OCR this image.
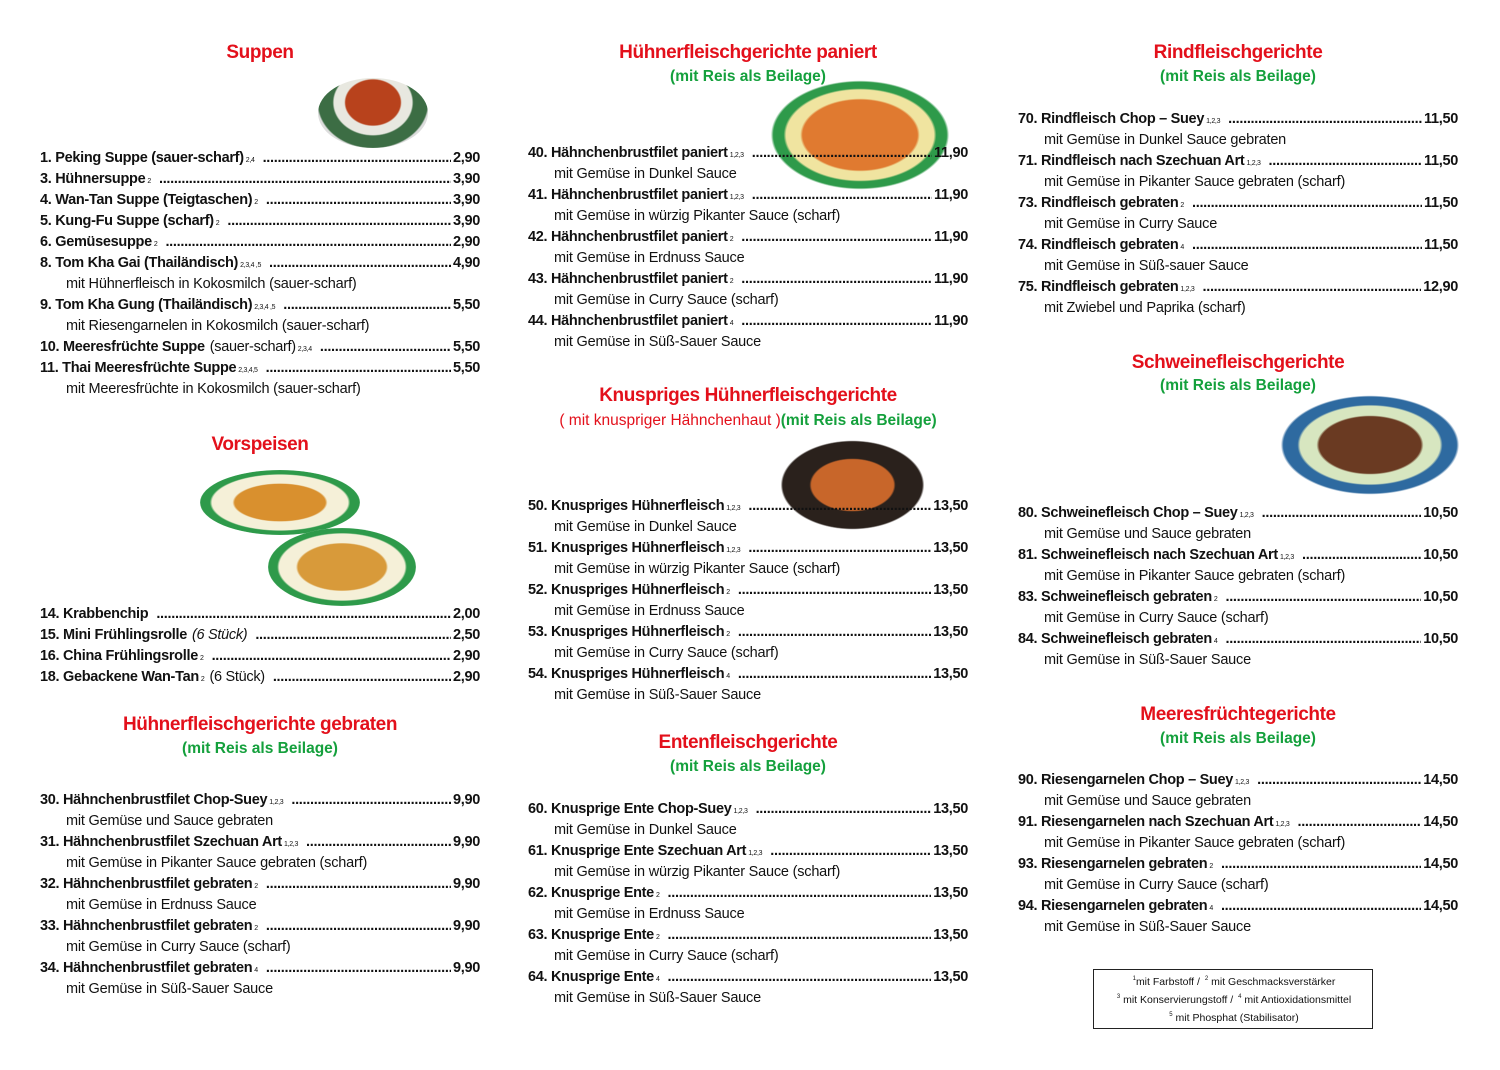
Suppen
1. Peking Suppe (sauer-scharf) 2,4 .....	2,90
3. Hühnersuppe 2 .....	3,90
4. Wan-Tan Suppe (Teigtaschen) 2 .....	3,90
5. Kung-Fu Suppe (scharf) 2 .....	3,90
6. Gemüsesuppe 2 .....	2,90
8. Tom Kha Gai (Thailändisch) 2,3,4 ,5 .....	4,90
mit Hühnerfleisch in Kokosmilch (sauer-scharf)
9. Tom Kha Gung (Thailändisch) 2,3,4 ,5 .....	5,50
mit Riesengarnelen in Kokosmilch (sauer-scharf)
10. Meeresfrüchte Suppe (sauer-scharf) 2,3,4 .....	5,50
11. Thai Meeresfrüchte Suppe 2,3,4,5 .....	5,50
mit Meeresfrüchte in Kokosmilch (sauer-scharf)
Vorspeisen
14. Krabbenchip .....	2,00
15. Mini Frühlingsrolle (6 Stück) .....	2,50
16. China Frühlingsrolle 2 .....	2,90
18. Gebackene Wan-Tan 2 (6 Stück) .....	2,90
Hühnerfleischgerichte gebraten
(mit Reis als Beilage)
30. Hähnchenbrustfilet Chop-Suey 1,2,3 .....	9,90
mit Gemüse und Sauce gebraten
31. Hähnchenbrustfilet Szechuan Art 1,2,3 .....	9,90
mit Gemüse in Pikanter Sauce gebraten (scharf)
32. Hähnchenbrustfilet gebraten 2 .....	9,90
mit Gemüse in Erdnuss Sauce
33. Hähnchenbrustfilet gebraten 2 .....	9,90
mit Gemüse in Curry Sauce (scharf)
34. Hähnchenbrustfilet gebraten 4 .....	9,90
mit Gemüse in Süß-Sauer Sauce
Hühnerfleischgerichte paniert
(mit Reis als Beilage)
40. Hähnchenbrustfilet paniert 1,2,3 .....	11,90
mit Gemüse in Dunkel Sauce
41. Hähnchenbrustfilet paniert 1,2,3 .....	11,90
mit Gemüse in würzig Pikanter Sauce (scharf)
42. Hähnchenbrustfilet paniert 2 .....	11,90
mit Gemüse in Erdnuss Sauce
43. Hähnchenbrustfilet paniert 2 .....	11,90
mit Gemüse in Curry Sauce (scharf)
44. Hähnchenbrustfilet paniert 4 .....	11,90
mit Gemüse in Süß-Sauer Sauce
Knuspriges Hühnerfleischgerichte
( mit knuspriger Hähnchenhaut )(mit Reis als Beilage)
50. Knuspriges Hühnerfleisch 1,2,3 .....	13,50
mit Gemüse in Dunkel Sauce
51. Knuspriges Hühnerfleisch 1,2,3 .....	13,50
mit Gemüse in würzig Pikanter Sauce (scharf)
52. Knuspriges Hühnerfleisch 2 .....	13,50
mit Gemüse in Erdnuss Sauce
53. Knuspriges Hühnerfleisch 2 .....	13,50
mit Gemüse in Curry Sauce (scharf)
54. Knuspriges Hühnerfleisch 4 .....	13,50
mit Gemüse in Süß-Sauer Sauce
Entenfleischgerichte
(mit Reis als Beilage)
60. Knusprige Ente Chop-Suey 1,2,3 .....	13,50
mit Gemüse in Dunkel Sauce
61. Knusprige Ente Szechuan Art 1,2,3 .....	13,50
mit Gemüse in würzig Pikanter Sauce (scharf)
62. Knusprige Ente 2 .....	13,50
mit Gemüse in Erdnuss Sauce
63. Knusprige Ente 2 .....	13,50
mit Gemüse in Curry Sauce (scharf)
64. Knusprige Ente 4 .....	13,50
mit Gemüse in Süß-Sauer Sauce
Rindfleischgerichte
(mit Reis als Beilage)
70. Rindfleisch Chop – Suey 1,2,3 .....	11,50
mit Gemüse in Dunkel Sauce gebraten
71. Rindfleisch nach Szechuan Art 1,2,3 .....	11,50
mit Gemüse in Pikanter Sauce gebraten (scharf)
73. Rindfleisch gebraten 2 .....	11,50
mit Gemüse in Curry Sauce
74. Rindfleisch gebraten 4 .....	11,50
mit Gemüse in Süß-sauer Sauce
75. Rindfleisch gebraten 1,2,3 .....	12,90
mit Zwiebel und Paprika (scharf)
Schweinefleischgerichte
(mit Reis als Beilage)
80. Schweinefleisch Chop – Suey 1,2,3 .....	10,50
mit Gemüse und Sauce gebraten
81. Schweinefleisch nach Szechuan Art 1,2,3 .....	10,50
mit Gemüse in Pikanter Sauce gebraten (scharf)
83. Schweinefleisch gebraten 2 .....	10,50
mit Gemüse in Curry Sauce (scharf)
84. Schweinefleisch gebraten 4 .....	10,50
mit Gemüse in Süß-Sauer Sauce
Meeresfrüchtegerichte
(mit Reis als Beilage)
90. Riesengarnelen Chop – Suey 1,2,3 .....	14,50
mit Gemüse und Sauce gebraten
91. Riesengarnelen nach Szechuan Art 1,2,3 .....	14,50
mit Gemüse in Pikanter Sauce gebraten (scharf)
93. Riesengarnelen gebraten 2 .....	14,50
mit Gemüse in Curry Sauce (scharf)
94. Riesengarnelen gebraten 4 .....	14,50
mit Gemüse in Süß-Sauer Sauce
$^1$mit Farbstoff / $^2$ mit Geschmacksverstärker
$^3$ mit Konservierungstoff / $^4$ mit Antioxidationsmittel
$^5$ mit Phosphat (Stabilisator)
